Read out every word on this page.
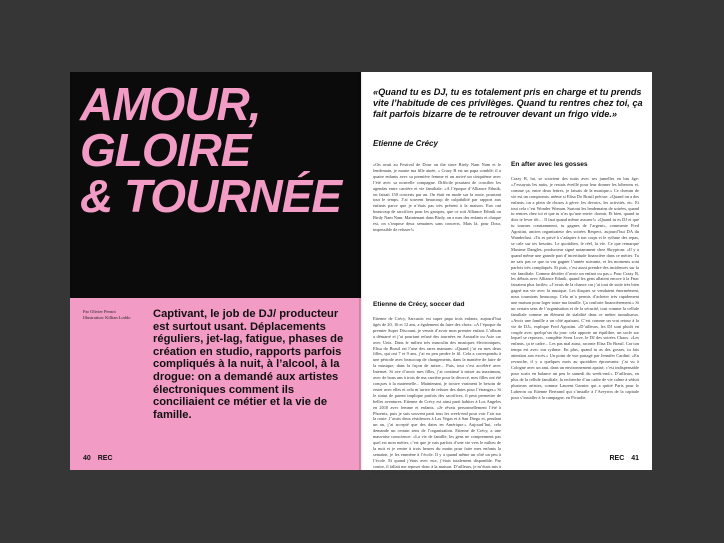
AMOUR,
GLOIRE
& TOURNÉE
Par Olivier Pernot
Illustration: Killian Loddo	Captivant, le job de DJ/ producteur est surtout usant. Déplacements réguliers, jet-lag, fatigue, phases de création en studio, rapports parfois compliqués à la nuit, à l’alcool, à la drogue: on a demandé aux artistes électroniques comment ils conciliaient ce métier et la vie de famille.

40 REC

«Quand tu es DJ, tu es totalement pris en charge et tu prends vite l’habitude de ces privilèges. Quand tu rentres chez toi, ça fait parfois bizarre de te retrouver devant un frigo vide.»

Etienne de Crécy

«On avait au Festival de Dour on the store Birdy Nam Nam et le lendemain, je monte ma fille ainée, » Crazy B est un papa comblé: il a quatre enfants avec sa première femme et un arrivé un cinquième avec l’été avec sa nouvelle compagne. Difficile pourtant de concilier les agendas entre carrière et vie familiale. «A l’époque d’Alliance Ethnik, on faisait 150 concerts par an. On était en mode sur la route, pourtant tout le temps. J’ai souvent beaucoup de culpabilité par rapport aux enfants parce que je n’étais pas très présent à la maison. Eux ont beaucoup de sacrifices pour les groupes, que ce soit Alliance Ethnik ou Birdy Nam Nam. Maintenant dans Birdy, on a mes des enfants et chaque est, on s’impose deux semaines sans concerts. Mais là, pour Dour, impossible de refuser!»

Etienne de Crécy, soccer dad

Etienne de Crécy, Sarcastic est super papa trois enfants, aujourd’hui âgés de 20, 16 et 12 ans, a également du faire des choix: «A l’époque du premier Super Discount, je venais d’avoir mon premier enfant. L’album a démarré et j’ai pourtant refusé des tournées en Australie ou Asie car avec Unis. Dans le milieu très masculin des musiques électroniques, Elisa do Brasil est l’une des rares mamans: «Quand j’ai eu mes deux filles, qui ont 7 et 9 ans, j’ai eu peu perdre le fil. Cela a correspondu à une période avec beaucoup de changements, dans la manière de faire de la musique, dans la façon de mixer... Puis, tout s’est accéléré avec Internet. Si ave d’avoir mes filles, j’ai continué à mixer au maximum, avec de bons ans à trois de ma carrière pour la divorcé, mes filles ont été conçues à la maternelle... Maintenant, je trouve vraiment le besoin de rester avec elles et cela m’arrive de refuser des dates pour l’étranger.» Si le statut de parent implique parfois des sacrifices, il peut permettre de belles aventures. Etienne de Crécy est ainsi parti habiter à Los Angeles en 2010 avec femme et enfants. «Je rêvais personnellement l’été à Phoenix, puis je suis souvent parti tous les week-end pour voir l’air sur la route. J’avais deux résidences à Las Vegas et à San Diego et, pendant un an, j’ai accepté que des dates en Amérique.» Aujourd’hui, cela demande un certain sens de l’organisation. Etienne de Crécy, a une mauvaise conscience: «La vie de famille, les gens ne comprennent pas quel est mon métier, c’est que je vais parfois d’une vie vers le milieu de la nuit et je rentre à trois heures du matin pour faire mes enfants la semaine, je les emmène à l’école. Il y a quand même un côté un peu à l’école. Et quand j’étais avec eux, j’étais totalement disponible. Par contre, il fallait me reposer donc à la maison. D’ailleurs, je m’étais mis à la pêche, on est allé passer tous nos vacances scolaires!»

En after avec les gosses

Crazy B, lui, se souvient des nuits avec ses jumelles en bas âge: «J’essayais les nuits, je restais éveillé pour leur donner les biberons et, comme ça, entre deux lettres, je faisais de la musique.» Ce chemin de vie est un compromis, même si Elisa Do Brasil précise: «Quand on a des enfants, on a plein de choses à gérer: les devoirs, les activités, etc. Et tout cela c’est Wonder Woman. Surtout les lendemains de soirées, quand tu rentres chez toi et que tu n’as qu’une envie: dormir. Et bien, quand tu dois te lever tôt… Il faut quand même assurer!» «Quand tu es DJ et que tu tournes constamment, tu gagnes de l’argent», commente Fred Agostini, ancien organisateur des soirées Respect, aujourd’hui DA du Wanderlust. «Tu es privé à s’adapter à ton corps et le rythme des repas, se cale sur tes besoins. Le quotidien, le réel, la vie. Ce que remarque Maxime Dangles, producteur signé notamment chez Skryptom: «Il y a quand même une grande part d’incertitude financière dans ce métier. Tu ne sais pas ce que tu vas gagner l’année suivante, et les moments sont parfois très compliqués. Et puis, c’est aussi prendre des incidences sur la vie familiale. Comme décider d’avoir un enfant ou pas.» Pour Crazy B, les débuts avec Alliance Ethnik, quand les gens allaient encore à la Fnac faisaient plus faciles: «J’avais de la chance car j’ai tout de suite très bien gagné ma vie avec la musique. Les disques se vendaient énormément, nous tournions beaucoup. Cela m’a permis d’acheter très rapidement une maison pour loger toute ma famille. Ça conforte financièrement.» Si un certain sens de l’organisation et de la sécurité, tout comme la cellule familiale comme un élément de stabilité dans ce métier tumultueux. «Avoir une famille a un côté apaisant. C’est comme un vrai retour à la vie de DJ», explique Fred Agostini. «D’ailleurs, les DJ sont plutôt en couple avec quelqu’un du jour: cela apporte un équilibre, un socle sur lequel se reposer», complète Sven Love, le DJ des soirées Chaos. «Les enfants, ça te cadre... Les pas mal aussi, raconte Elisa Do Brasil. Car ton temps est avec ton rythme. En plus, quand tu as des gosses, tu fais attention aux excès.» Un point de vue partagé par Jennifer Cardini: «En revanche, il y a quelques mois au quotidien éprouvants: j’ai vu à Cologne avec un ami, dans un environnement apaisé, c’est indispensable pour sortir en balance un peu le samedi du week-end.» D’ailleurs, en plus de la cellule familiale, la recherche d’un cadre de vie calme à séduit plusieurs artistes, comme Laurent Garnier qui a quitté Paris pour le Luberon ou Etienne Bertrand qui s’installe à l’Aveyron de la capitale pour s’installer à la campagne, en Picardie.

REC 41
